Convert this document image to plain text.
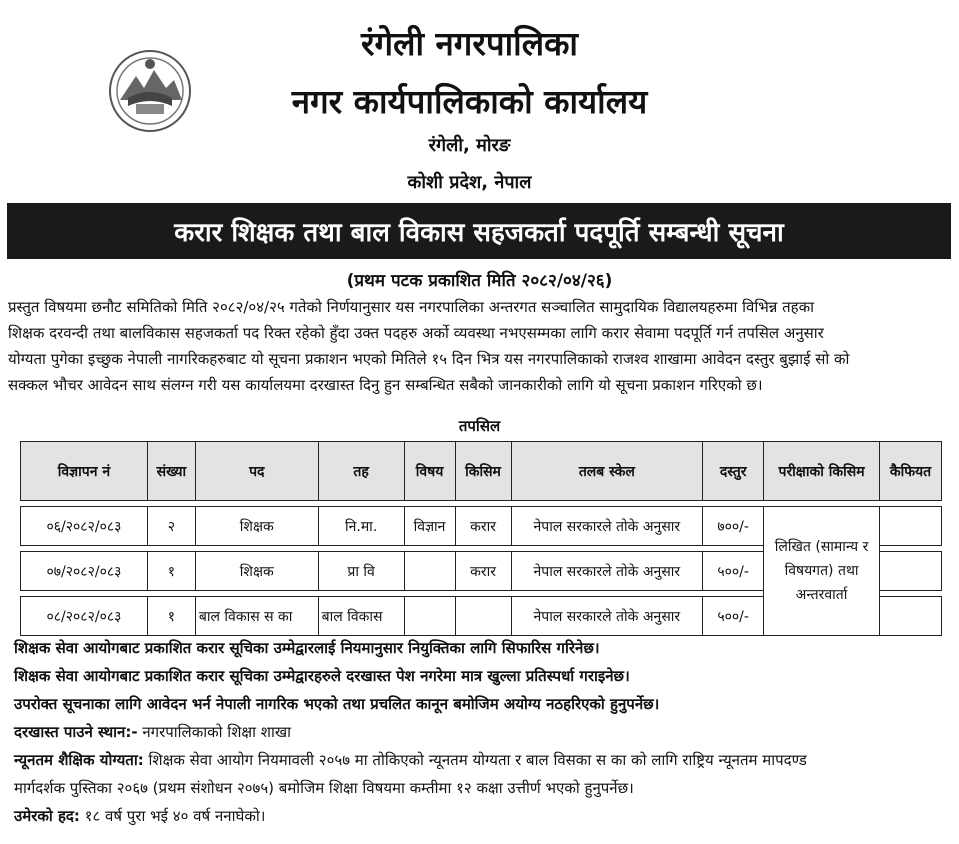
रंगेली नगरपालिका
नगर कार्यपालिकाको कार्यालय
रंगेली, मोरङ
कोशी प्रदेश, नेपाल
करार शिक्षक तथा बाल विकास सहजकर्ता पदपूर्ति सम्बन्धी सूचना
(प्रथम पटक प्रकाशित मिति २०८२/०४/२६)

प्रस्तुत विषयमा छनौट समितिको मिति २०८२/०४/२५ गतेको निर्णयानुसार यस नगरपालिका अन्तरगत सञ्चालित सामुदायिक विद्यालयहरुमा विभिन्न तहका

शिक्षक दरवन्दी तथा बालविकास सहजकर्ता पद रिक्त रहेको हुँदा उक्त पदहरु अर्को व्यवस्था नभएसम्मका लागि करार सेवामा पदपूर्ति गर्न तपसिल अनुसार

योग्यता पुगेका इच्छुक नेपाली नागरिकहरुबाट यो सूचना प्रकाशन भएको मितिले १५ दिन भित्र यस नगरपालिकाको राजश्व शाखामा आवेदन दस्तुर बुझाई सो को

सक्कल भौचर आवेदन साथ संलग्न गरी यस कार्यालयमा दरखास्त दिनु हुन सम्बन्धित सबैको जानकारीको लागि यो सूचना प्रकाशन गरिएको छ।

तपसिल
विज्ञापन नं	संख्या	पद	तह	विषय	किसिम	तलब स्केल	दस्तुर	परीक्षाको किसिम	कैफियत

०६/२०८२/०८३	२	शिक्षक	नि.मा.	विज्ञान	करार	नेपाल सरकारले तोके अनुसार	७००/-	लिखित (सामान्य र विषयगत) तथा अन्तरवार्ता	

०७/२०८२/०८३	१	शिक्षक	प्रा वि		करार	नेपाल सरकारले तोके अनुसार	५००/-		

०८/२०८२/०८३	१	बाल विकास स का	बाल विकास			नेपाल सरकारले तोके अनुसार	५००/-		
शिक्षक सेवा आयोगबाट प्रकाशित करार सूचिका उम्मेद्वारलाई नियमानुसार नियुक्तिका लागि सिफारिस गरिनेछ।
शिक्षक सेवा आयोगबाट प्रकाशित करार सूचिका उम्मेद्वारहरुले दरखास्त पेश नगरेमा मात्र खुल्ला प्रतिस्पर्धा गराइनेछ।
उपरोक्त सूचनाका लागि आवेदन भर्न नेपाली नागरिक भएको तथा प्रचलित कानून बमोजिम अयोग्य नठहरिएको हुनुपर्नेछ।
दरखास्त पाउने स्थान:- नगरपालिकाको शिक्षा शाखा
न्यूनतम शैक्षिक योग्यता: शिक्षक सेवा आयोग नियमावली २०५७ मा तोकिएको न्यूनतम योग्यता र बाल विसका स का को लागि राष्ट्रिय न्यूनतम मापदण्ड
मार्गदर्शक पुस्तिका २०६७ (प्रथम संशोधन २०७५) बमोजिम शिक्षा विषयमा कम्तीमा १२ कक्षा उत्तीर्ण भएको हुनुपर्नेछ।
उमेरको हद: १८ वर्ष पुरा भई ४० वर्ष ननाघेको।
